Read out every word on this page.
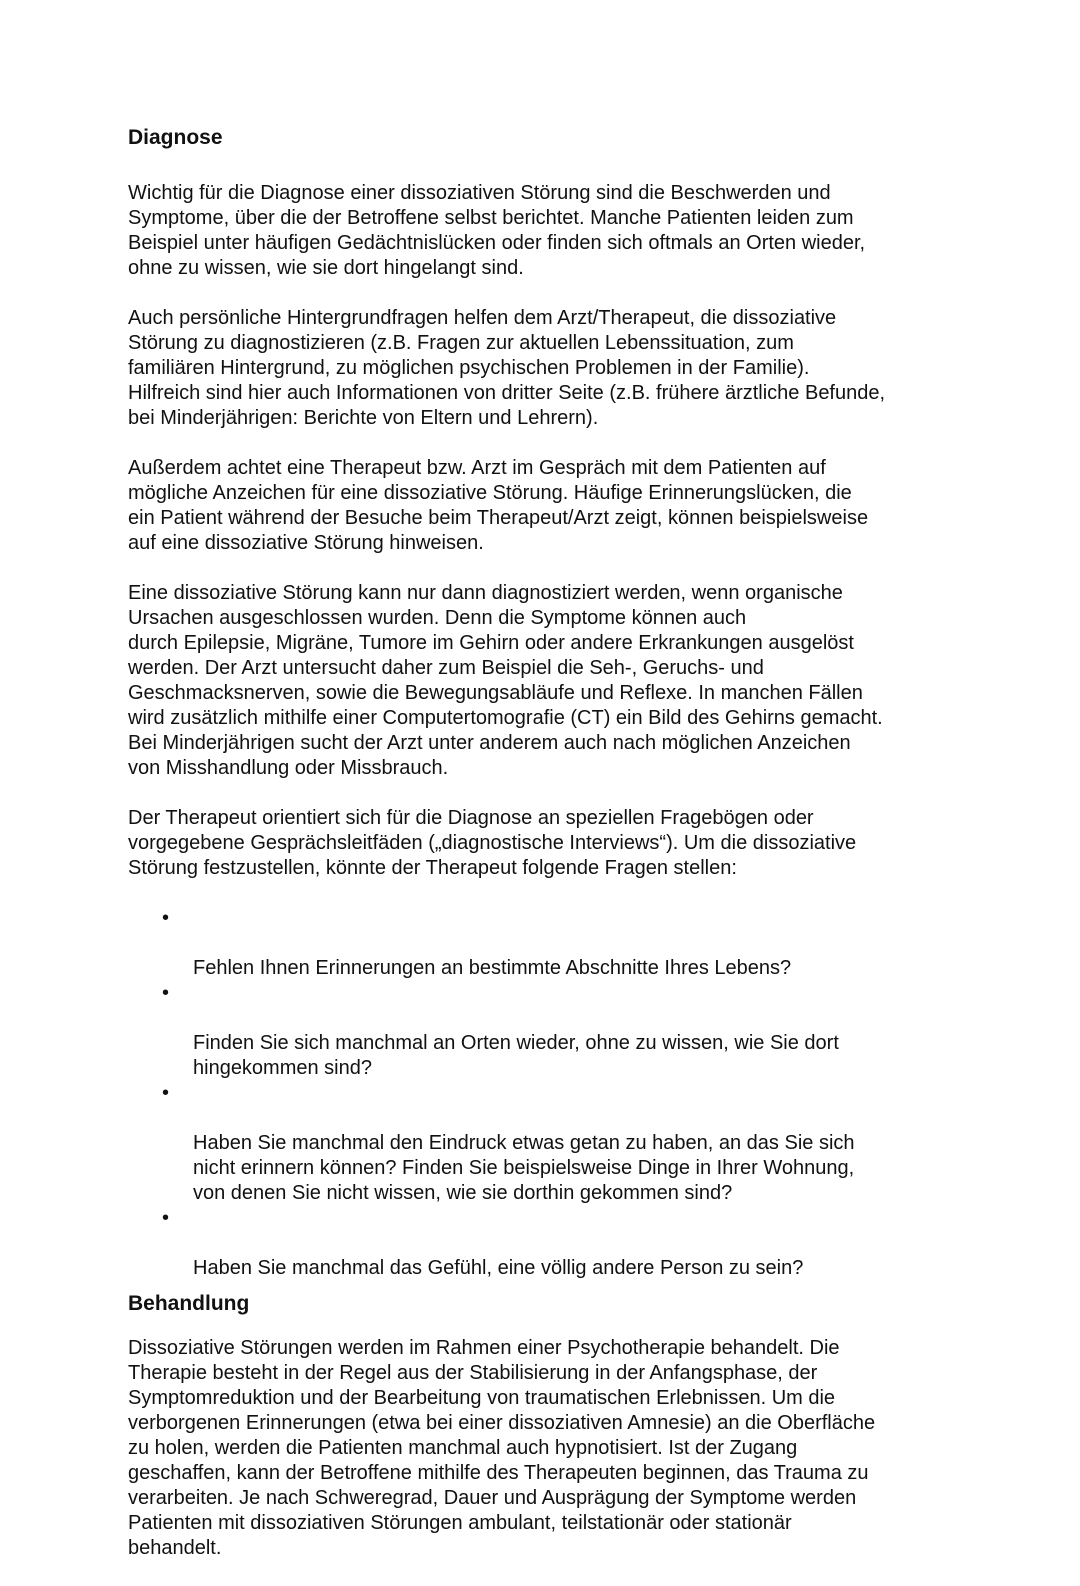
Diagnose

Wichtig für die Diagnose einer dissoziativen Störung sind die Beschwerden und
Symptome, über die der Betroffene selbst berichtet. Manche Patienten leiden zum
Beispiel unter häufigen Gedächtnislücken oder finden sich oftmals an Orten wieder,
ohne zu wissen, wie sie dort hingelangt sind.

Auch persönliche Hintergrundfragen helfen dem Arzt/Therapeut, die dissoziative
Störung zu diagnostizieren (z.B. Fragen zur aktuellen Lebenssituation, zum
familiären Hintergrund, zu möglichen psychischen Problemen in der Familie).
Hilfreich sind hier auch Informationen von dritter Seite (z.B. frühere ärztliche Befunde,
bei Minderjährigen: Berichte von Eltern und Lehrern).

Außerdem achtet eine Therapeut bzw. Arzt im Gespräch mit dem Patienten auf
mögliche Anzeichen für eine dissoziative Störung. Häufige Erinnerungslücken, die
ein Patient während der Besuche beim Therapeut/Arzt zeigt, können beispielsweise
auf eine dissoziative Störung hinweisen.

Eine dissoziative Störung kann nur dann diagnostiziert werden, wenn organische
Ursachen ausgeschlossen wurden. Denn die Symptome können auch
durch Epilepsie, Migräne, Tumore im Gehirn oder andere Erkrankungen ausgelöst
werden. Der Arzt untersucht daher zum Beispiel die Seh-, Geruchs- und
Geschmacksnerven, sowie die Bewegungsabläufe und Reflexe. In manchen Fällen
wird zusätzlich mithilfe einer Computertomografie (CT) ein Bild des Gehirns gemacht.
Bei Minderjährigen sucht der Arzt unter anderem auch nach möglichen Anzeichen
von Misshandlung oder Missbrauch.

Der Therapeut orientiert sich für die Diagnose an speziellen Fragebögen oder
vorgegebene Gesprächsleitfäden („diagnostische Interviews“). Um die dissoziative
Störung festzustellen, könnte der Therapeut folgende Fragen stellen:

•

Fehlen Ihnen Erinnerungen an bestimmte Abschnitte Ihres Lebens?

•

Finden Sie sich manchmal an Orten wieder, ohne zu wissen, wie Sie dort
hingekommen sind?

•

Haben Sie manchmal den Eindruck etwas getan zu haben, an das Sie sich
nicht erinnern können? Finden Sie beispielsweise Dinge in Ihrer Wohnung,
von denen Sie nicht wissen, wie sie dorthin gekommen sind?

•

Haben Sie manchmal das Gefühl, eine völlig andere Person zu sein?

Behandlung

Dissoziative Störungen werden im Rahmen einer Psychotherapie behandelt. Die
Therapie besteht in der Regel aus der Stabilisierung in der Anfangsphase, der
Symptomreduktion und der Bearbeitung von traumatischen Erlebnissen. Um die
verborgenen Erinnerungen (etwa bei einer dissoziativen Amnesie) an die Oberfläche
zu holen, werden die Patienten manchmal auch hypnotisiert. Ist der Zugang
geschaffen, kann der Betroffene mithilfe des Therapeuten beginnen, das Trauma zu
verarbeiten. Je nach Schweregrad, Dauer und Ausprägung der Symptome werden
Patienten mit dissoziativen Störungen ambulant, teilstationär oder stationär
behandelt.
